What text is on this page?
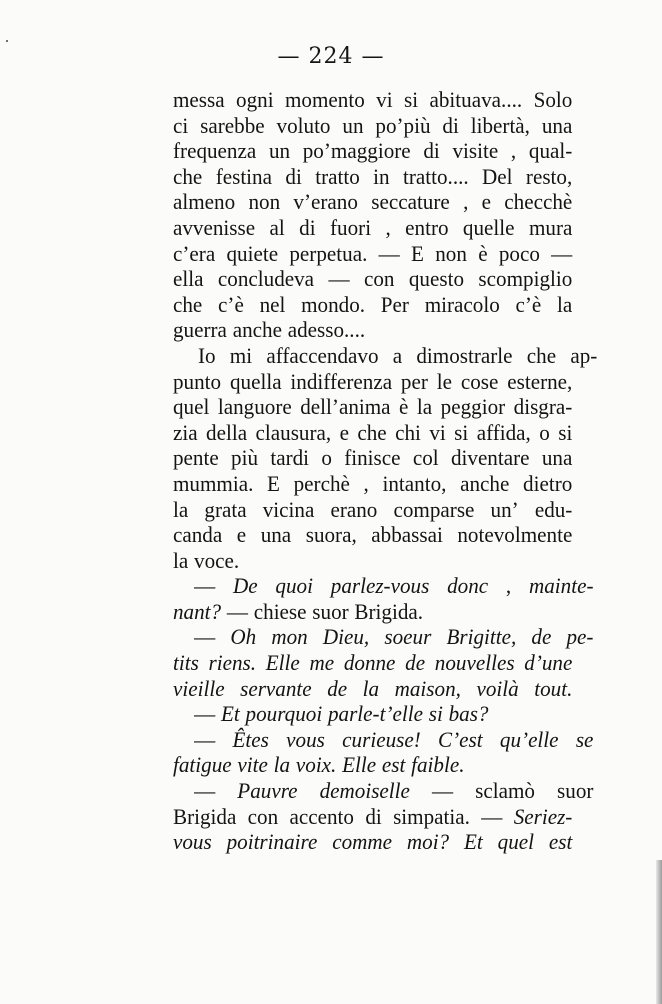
— 224 —
messa ogni momento vi si abituava.... Solo
ci sarebbe voluto un po’più di libertà, una
frequenza un po’maggiore di visite , qual-
che festina di tratto in tratto.... Del resto,
almeno non v’erano seccature , e checchè
avvenisse al di fuori , entro quelle mura
c’era quiete perpetua. — E non è poco —
ella concludeva — con questo scompiglio
che c’è nel mondo. Per miracolo c’è la
guerra anche adesso....
Io mi affaccendavo a dimostrarle che ap-
punto quella indifferenza per le cose esterne,
quel languore dell’anima è la peggior disgra-
zia della clausura, e che chi vi si affida, o si
pente più tardi o finisce col diventare una
mummia. E perchè , intanto, anche dietro
la grata vicina erano comparse un’ edu-
canda e una suora, abbassai notevolmente
la voce.
— De quoi parlez-vous donc , mainte-
nant? — chiese suor Brigida.
— Oh mon Dieu, soeur Brigitte, de pe-
tits riens. Elle me donne de nouvelles d’une
vieille servante de la maison, voilà tout.
— Et pourquoi parle-t’elle si bas?
— Êtes vous curieuse! C’est qu’elle se
fatigue vite la voix. Elle est faible.
— Pauvre demoiselle — sclamò suor
Brigida con accento di simpatia. — Seriez-
vous poitrinaire comme moi? Et quel est
